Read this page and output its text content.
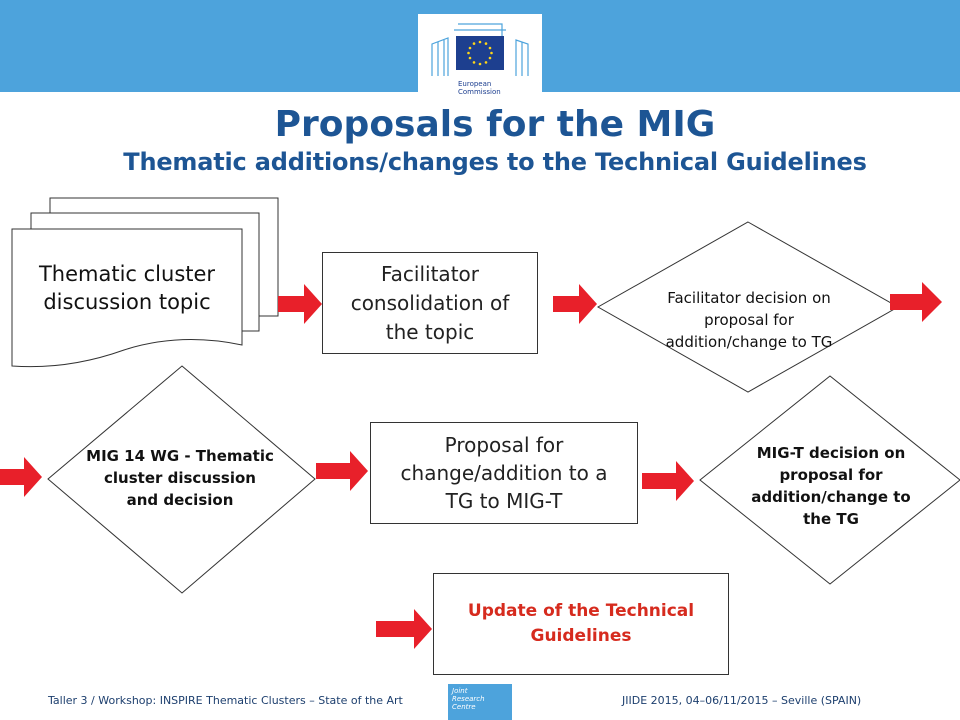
European
Commission
Proposals for the MIG
Thematic additions/changes to the Technical Guidelines
Thematic cluster discussion topic
Facilitator consolidation of the topic
Facilitator decision on proposal for addition/change to TG
MIG 14 WG - Thematic cluster discussion and decision
Proposal for change/addition to a TG to MIG-T
MIG-T decision on proposal for addition/change to the TG
Update of the Technical Guidelines
Taller 3 / Workshop: INSPIRE Thematic Clusters – State of the Art
Joint
Research
Centre	JIIDE 2015, 04–06/11/2015 – Seville (SPAIN)
